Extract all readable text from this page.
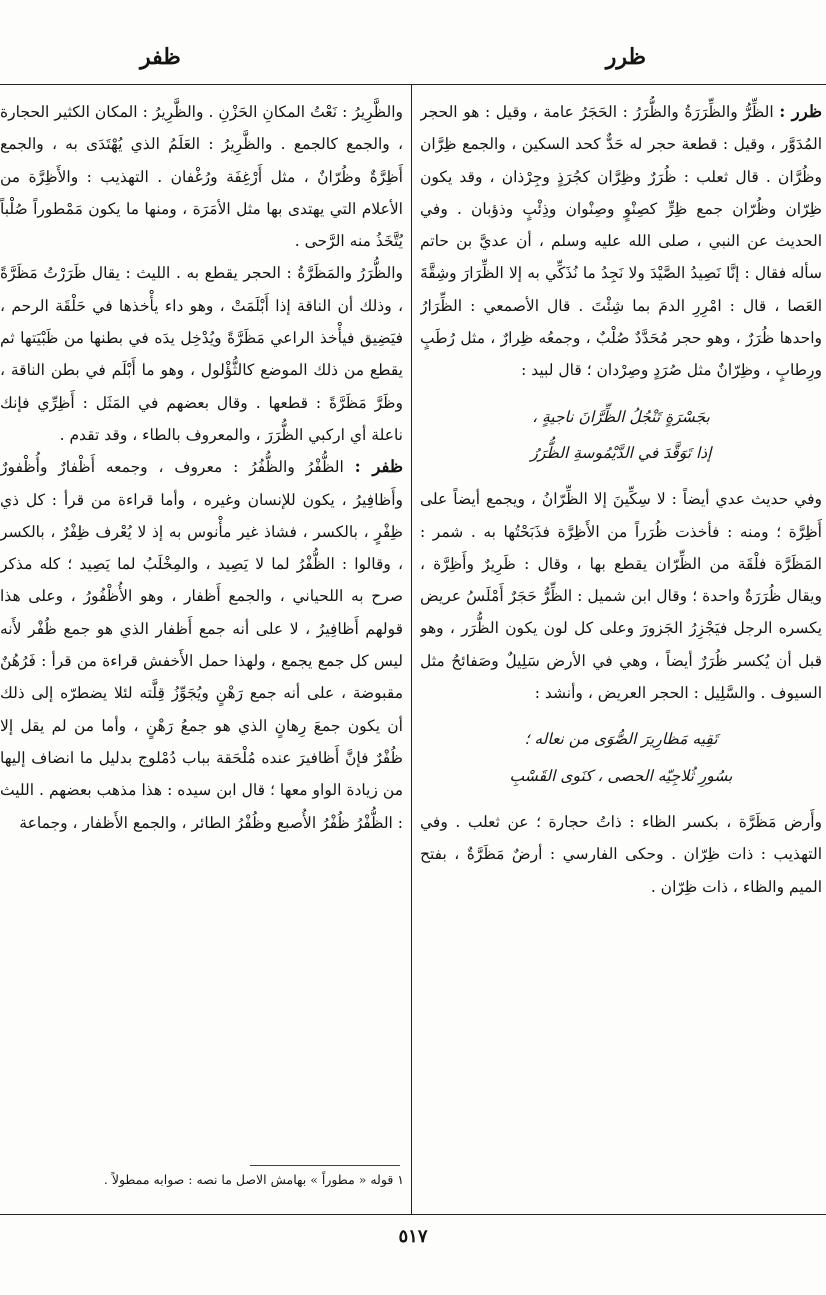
ظرر
ظفر

ظرر : الظِّرُّ والظِّرَرَةُ والظُّرَرُ : الحَجَرُ عامة ، وقيل : هو الحجر المُدَوَّر ، وقيل : قطعة حجر له حَدٌّ كحد السكين ، والجمع ظِرَّان وظُرَّان . قال ثعلب : ظُرَرٌ وظِرَّان كجُرَذٍ وجِرْذان ، وقد يكون ظِرّان وظُرّان جمع ظِرٍّ كصِنْوٍ وصِنْوان وذِئْبٍ وذؤبان . وفي الحديث عن النبي ، صلى الله عليه وسلم ، أن عديَّ بن حاتم سأله فقال : إنَّا نَصِيدُ الصَّيْدَ ولا نَجِدُ ما نُذَكِّي به إلا الظِّرَارَ وشِقَّةَ العَصا ، قال : امْرِرِ الدمَ بما شِئْتَ . قال الأصمعي : الظِّرَارُ واحدها ظُرَرٌ ، وهو حجر مُحَدَّدٌ صُلْبٌ ، وجمعُه ظِرارٌ ، مثل رُطَبٍ ورِطابٍ ، وظِرّانٌ مثل صُرَدٍ وصِرْدان ؛ قال لبيد :

بجَسْرَةٍ تَنْجُلُ الظِّرَّانَ ناجيةٍ ،

إذا تَوَقَّدَ في الدَّيْمُوسةِ الظُّرَرُ

وفي حديث عدي أيضاً : لا سِكِّينَ إلا الظِّرّانُ ، ويجمع أيضاً على أَظِرَّة ؛ ومنه : فأخذت ظُرَراً من الأَظِرَّة فذَبَحْتُها به . شمر : المَظَرَّة فلْقَة من الظِّرّان يقطع بها ، وقال : ظَرِيرٌ وأَظِرَّة ، ويقال ظُرَرَةٌ واحدة ؛ وقال ابن شميل : الظِّرُّ حَجَرٌ أَمْلَسُ عريض يكسره الرجل فيَجْزِرُ الجَزورَ وعلى كل لون يكون الظُّرَر ، وهو قبل أن يُكسر ظُرَرٌ أيضاً ، وهي في الأرض سَلِيلٌ وصَفائحُ مثل السيوف . والسَّلِيل : الحجر العريض ، وأنشد :

تَقِيه مَظارِيرَ الصُّوَى من نعاله ؛

بسُورِ ثُلاجِيّه الحصى ، كنَوى القَسْبِ

وأَرض مَظَرَّة ، بكسر الظاء : ذاتُ حجارة ؛ عن ثعلب . وفي التهذيب : ذات ظِرّان . وحكى الفارسي : أرضٌ مَظَرَّةٌ ، بفتح الميم والظاء ، ذات ظِرّان .

والظَّرِيرُ : نَعْتُ المكانِ الحَزْنِ . والظَّرِيرُ : المكان الكثير الحجارة ، والجمع كالجمع . والظَّرِيرُ : العَلَمُ الذي يُهْتَدَى به ، والجمع أَظِرَّةٌ وظُرّانٌ ، مثل أَرْغِفَة ورُغْفان . التهذيب : والأَظِرَّة من الأعلام التي يهتدى بها مثل الأمَرَة ، ومنها ما يكون مَمْطوراً صُلْباً يُتَّخَذُ منه الرَّحى .

والظُّرَرُ والمَظَرَّةُ : الحجر يقطع به . الليث : يقال ظَرَرْتُ مَظَرَّةً ، وذلك أن الناقة إذا أَبْلَمَتْ ، وهو داء يأْخذها في حَلْقَة الرحم ، فيَضِيق فيأْخذ الراعي مَظَرَّةً ويُدْخِل يدَه في بطنها من ظَبْيَتها ثم يقطع من ذلك الموضع كالثُّؤْلول ، وهو ما أَبْلَم في بطن الناقة ، وظَرَّ مَظَرَّةً : قطعها . وقال بعضهم في المَثَل : أَظِرِّي فإنك ناعلة أي اركبي الظُّرَرَ ، والمعروف بالطاء ، وقد تقدم .

ظفر : الظُّفْرُ والظُّفُرُ : معروف ، وجمعه أَظْفارٌ وأُظْفورٌ وأَظافِيرُ ، يكون للإنسان وغيره ، وأما قراءة من قرأ : كل ذي ظِفْرٍ ، بالكسر ، فشاذ غير مأْنوس به إذ لا يُعْرف ظِفْرٌ ، بالكسر ، وقالوا : الظُّفْرُ لما لا يَصِيد ، والمِخْلَبُ لما يَصِيد ؛ كله مذكر صرح به اللحياني ، والجمع أَظفار ، وهو الأُظْفُورُ ، وعلى هذا قولهم أَظافِيرُ ، لا على أنه جمع أَظفار الذي هو جمع ظُفْر لأَنه ليس كل جمع يجمع ، ولهذا حمل الأَخفش قراءة من قرأ : فَرُهُنٌ مقبوضة ، على أنه جمع رَهْنٍ ويُجَوِّزُ قِلَّته لئلا يضطرّه إلى ذلك أن يكون جمعَ رِهانٍ الذي هو جمعُ رَهْنٍ ، وأما من لم يقل إلا ظُفْرٌ فإنَّ أَظافيرَ عنده مُلْحَقة بباب دُمْلوج بدليل ما انضاف إليها من زيادة الواو معها ؛ قال ابن سيده : هذا مذهب بعضهم . الليث : الظُّفْرُ ظُفْرُ الأُصبع وظُفْرُ الطائر ، والجمع الأَظفار ، وجماعة

١ قوله « مطوراً » بهامش الاصل ما نصه : صوابه ممطولاً .
٥١٧
